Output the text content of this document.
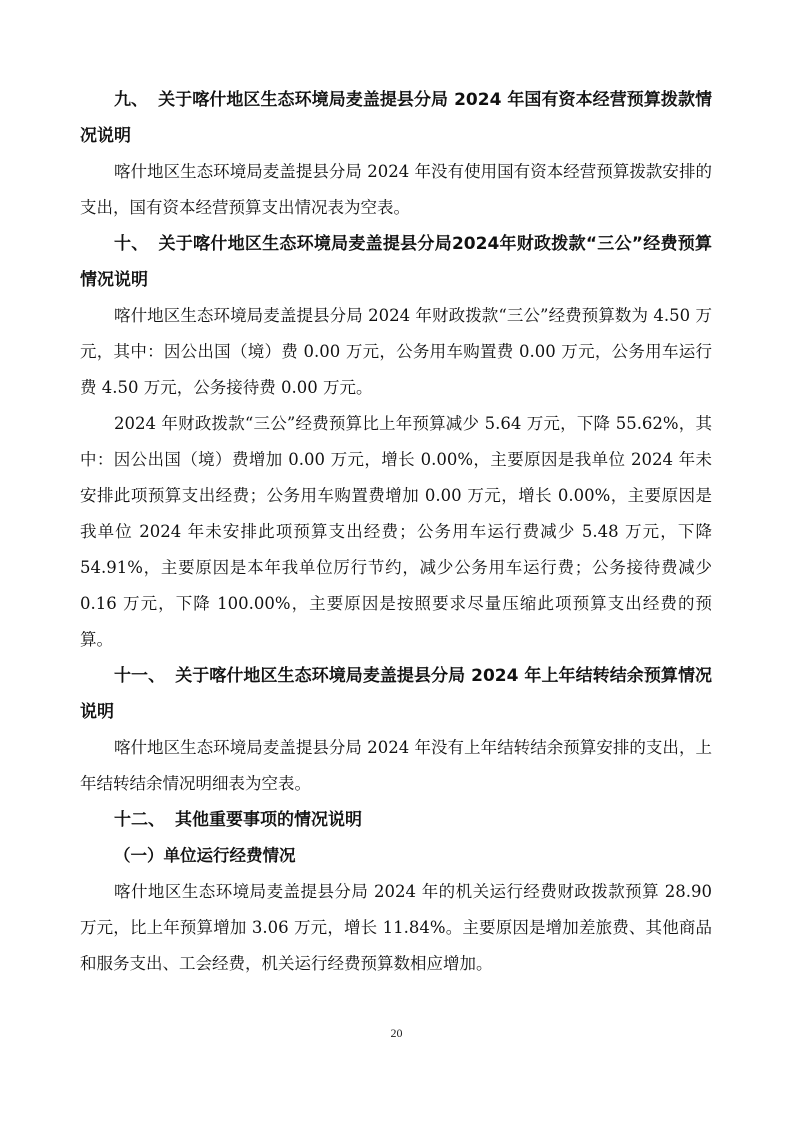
九、 关于喀什地区生态环境局麦盖提县分局 2024 年国有资本经营预算拨款情况说明

喀什地区生态环境局麦盖提县分局 2024 年没有使用国有资本经营预算拨款安排的支出，国有资本经营预算支出情况表为空表。

十、 关于喀什地区生态环境局麦盖提县分局2024年财政拨款“三公”经费预算情况说明

喀什地区生态环境局麦盖提县分局 2024 年财政拨款“三公”经费预算数为 4.50 万元，其中：因公出国（境）费 0.00 万元，公务用车购置费 0.00 万元，公务用车运行费 4.50 万元，公务接待费 0.00 万元。

2024 年财政拨款“三公”经费预算比上年预算减少 5.64 万元，下降 55.62%，其中：因公出国（境）费增加 0.00 万元，增长 0.00%，主要原因是我单位 2024 年未安排此项预算支出经费；公务用车购置费增加 0.00 万元，增长 0.00%，主要原因是我单位 2024 年未安排此项预算支出经费；公务用车运行费减少 5.48 万元，下降 54.91%，主要原因是本年我单位厉行节约，减少公务用车运行费；公务接待费减少 0.16 万元，下降 100.00%，主要原因是按照要求尽量压缩此项预算支出经费的预算。

十一、 关于喀什地区生态环境局麦盖提县分局 2024 年上年结转结余预算情况说明

喀什地区生态环境局麦盖提县分局 2024 年没有上年结转结余预算安排的支出，上年结转结余情况明细表为空表。

十二、 其他重要事项的情况说明

（一）单位运行经费情况

喀什地区生态环境局麦盖提县分局 2024 年的机关运行经费财政拨款预算 28.90 万元，比上年预算增加 3.06 万元，增长 11.84%。主要原因是增加差旅费、其他商品和服务支出、工会经费，机关运行经费预算数相应增加。

20
